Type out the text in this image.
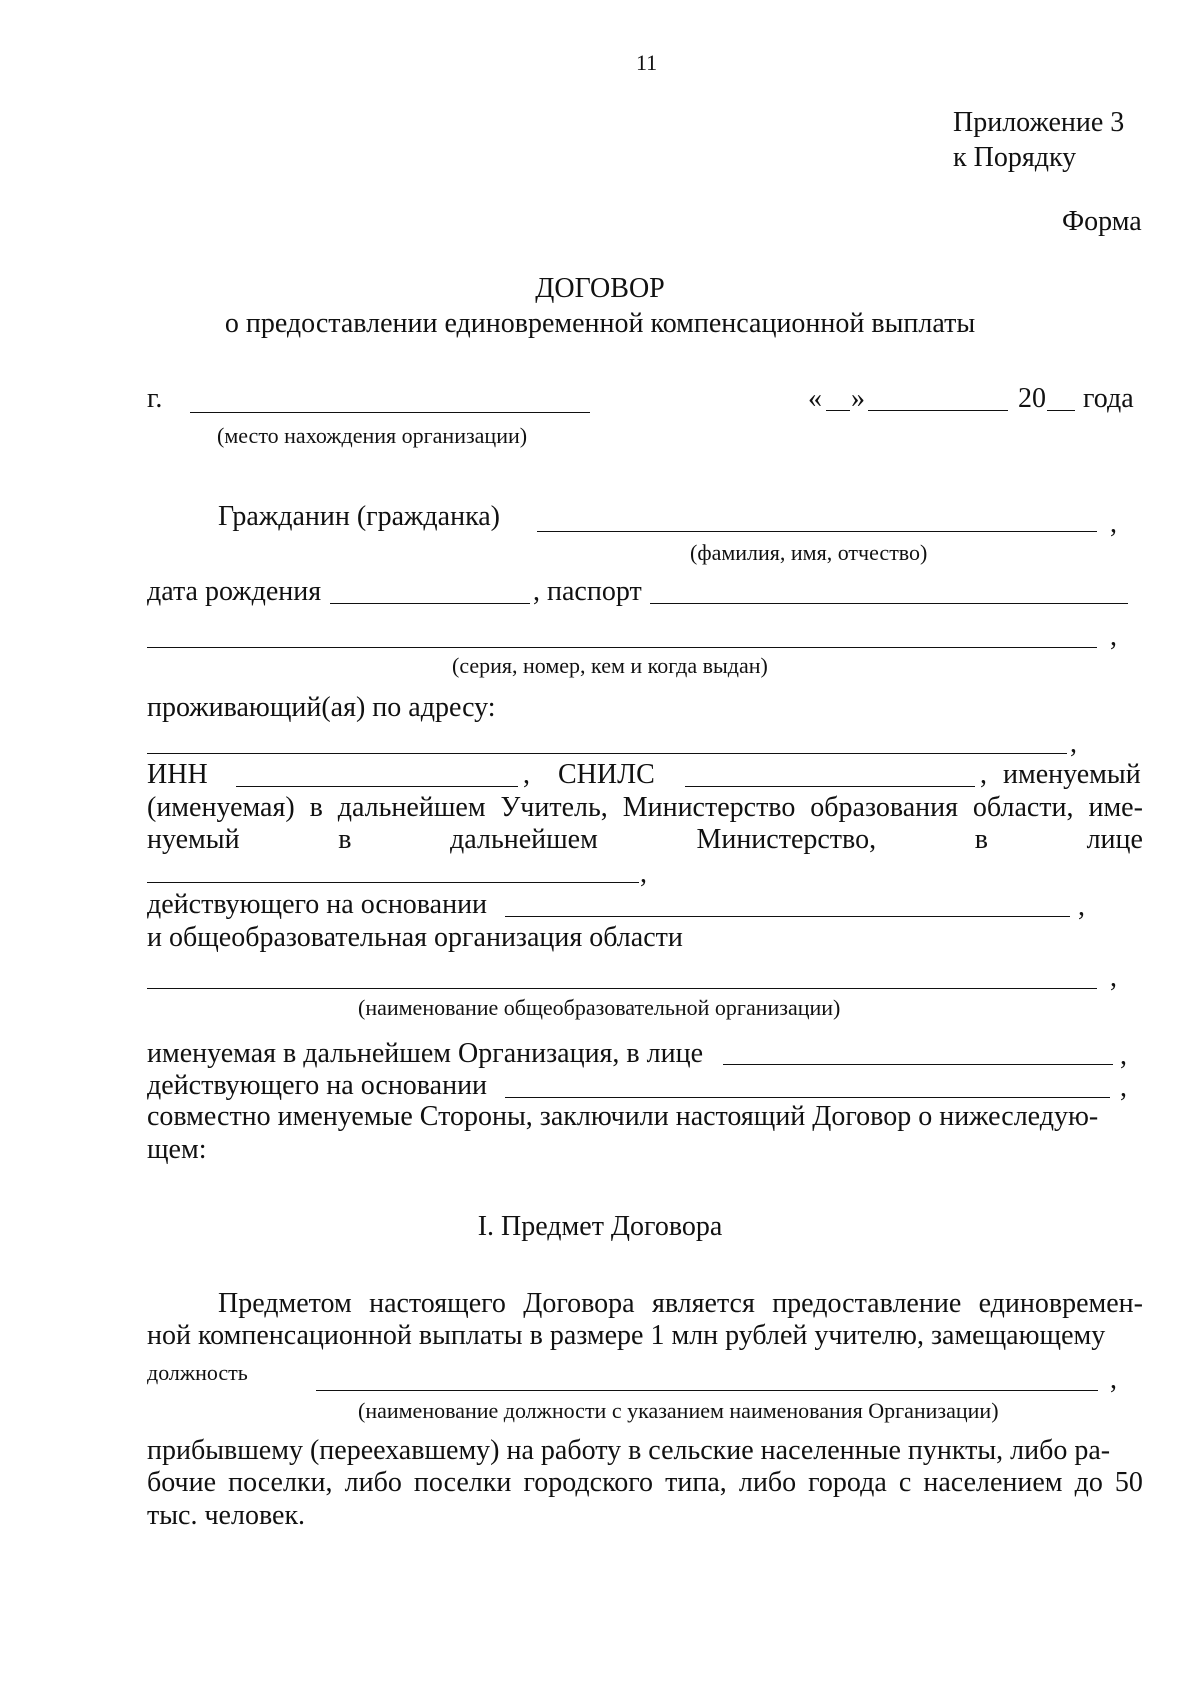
11
Приложение 3
к Порядку
Форма
ДОГОВОР
о предоставлении единовременной компенсационной выплаты
г.
(место нахождения организации)
« »	20 года
Гражданин (гражданка)	,
(фамилия, имя, отчество)
дата рождения	, паспорт
,
(серия, номер, кем и когда выдан)
проживающий(ая) по адресу:
,
ИНН	, СНИЛС	, именуемый
(именуемая) в дальнейшем Учитель, Министерство образования области, име-
нуемый	в	дальнейшем	Министерство,	в	лице
,
действующего на основании	,
и общеобразовательная организация области
,
(наименование общеобразовательной организации)
именуемая в дальнейшем Организация, в лице	,
действующего на основании	,
совместно именуемые Стороны, заключили настоящий Договор о нижеследую-
щем:
I. Предмет Договора
Предметом настоящего Договора является предоставление единовремен-
ной компенсационной выплаты в размере 1 млн рублей учителю, замещающему
должность	,
(наименование должности с указанием наименования Организации)
прибывшему (переехавшему) на работу в сельские населенные пункты, либо ра-
бочие поселки, либо поселки городского типа, либо города с населением до 50
тыс. человек.
